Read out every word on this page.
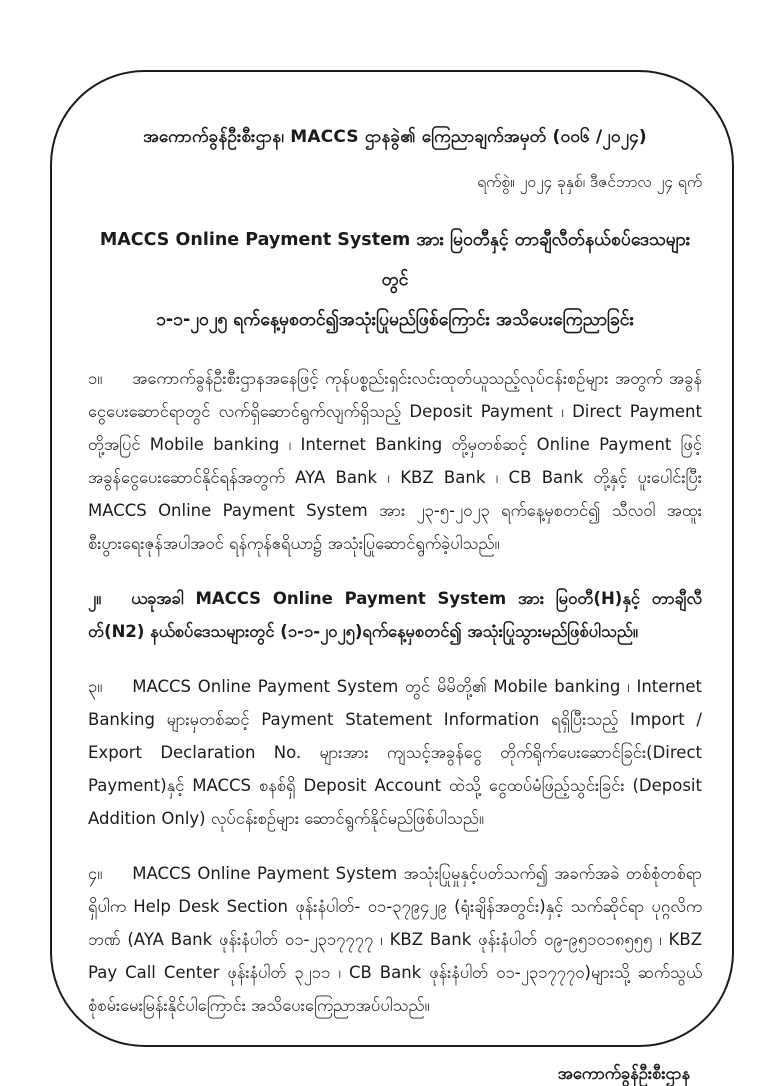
အကောက်ခွန်ဦးစီးဌာန၊ MACCS ဌာနခွဲ၏ ကြေညာချက်အမှတ် (၀၀၆ /၂၀၂၄)
ရက်စွဲ။ ၂၀၂၄ ခုနှစ်၊ ဒီဇင်ဘာလ ၂၄ ရက်
MACCS Online Payment System အား မြဝတီနှင့် တာချီလီတ်နယ်စပ်ဒေသများတွင်
၁-၁-၂၀၂၅ ရက်နေ့မှစတင်၍အသုံးပြုမည်ဖြစ်ကြောင်း အသိပေးကြေညာခြင်း

၁။ အကောက်ခွန်ဦးစီးဌာနအနေဖြင့် ကုန်ပစ္စည်းရှင်းလင်းထုတ်ယူသည့်လုပ်ငန်းစဉ်များ အတွက် အခွန်ငွေပေးဆောင်ရာတွင် လက်ရှိဆောင်ရွက်လျက်ရှိသည့် Deposit Payment ၊ Direct Payment တို့အပြင် Mobile banking ၊ Internet Banking တို့မှတစ်ဆင့် Online Payment ဖြင့် အခွန်ငွေပေးဆောင်နိုင်ရန်အတွက် AYA Bank ၊ KBZ Bank ၊ CB Bank တို့နှင့် ပူးပေါင်းပြီး MACCS Online Payment System အား ၂၃-၅-၂၀၂၃ ရက်နေ့မှစတင်၍ သီလဝါ အထူးစီးပွားရေးဇုန်အပါအဝင် ရန်ကုန်ဧရိယာ၌ အသုံးပြုဆောင်ရွက်ခဲ့ပါသည်။

၂။ ယခုအခါ MACCS Online Payment System အား မြဝတီ(H)နှင့် တာချီလီတ်(N2) နယ်စပ်ဒေသများတွင် (၁-၁-၂၀၂၅)ရက်နေ့မှစတင်၍ အသုံးပြုသွားမည်ဖြစ်ပါသည်။

၃။ MACCS Online Payment System တွင် မိမိတို့၏ Mobile banking ၊ Internet Banking များမှတစ်ဆင့် Payment Statement Information ရရှိပြီးသည့် Import / Export Declaration No. များအား ကျသင့်အခွန်ငွေ တိုက်ရိုက်ပေးဆောင်ခြင်း(Direct Payment)နှင့် MACCS စနစ်ရှိ Deposit Account ထဲသို့ ငွေထပ်မံဖြည့်သွင်းခြင်း (Deposit Addition Only) လုပ်ငန်းစဉ်များ ဆောင်ရွက်နိုင်မည်ဖြစ်ပါသည်။

၄။ MACCS Online Payment System အသုံးပြုမှုနှင့်ပတ်သက်၍ အခက်အခဲ တစ်စုံတစ်ရာရှိပါက Help Desk Section ဖုန်းနံပါတ်- ၀၁-၃၇၉၄၂၉ (ရုံးချိန်အတွင်း)နှင့် သက်ဆိုင်ရာ ပုဂ္ဂလိကဘဏ် (AYA Bank ဖုန်းနံပါတ် ၀၁-၂၃၁၇၇၇၇ ၊ KBZ Bank ဖုန်းနံပါတ် ၀၉-၉၅၁၀၁၈၅၅၅ ၊ KBZ Pay Call Center ဖုန်းနံပါတ် ၃၂၁၁ ၊ CB Bank ဖုန်းနံပါတ် ၀၁-၂၃၁၇၇၇၀)များသို့ ဆက်သွယ်စုံစမ်းမေးမြန်းနိုင်ပါကြောင်း အသိပေးကြေညာအပ်ပါသည်။

အကောက်ခွန်ဦးစီးဌာန
